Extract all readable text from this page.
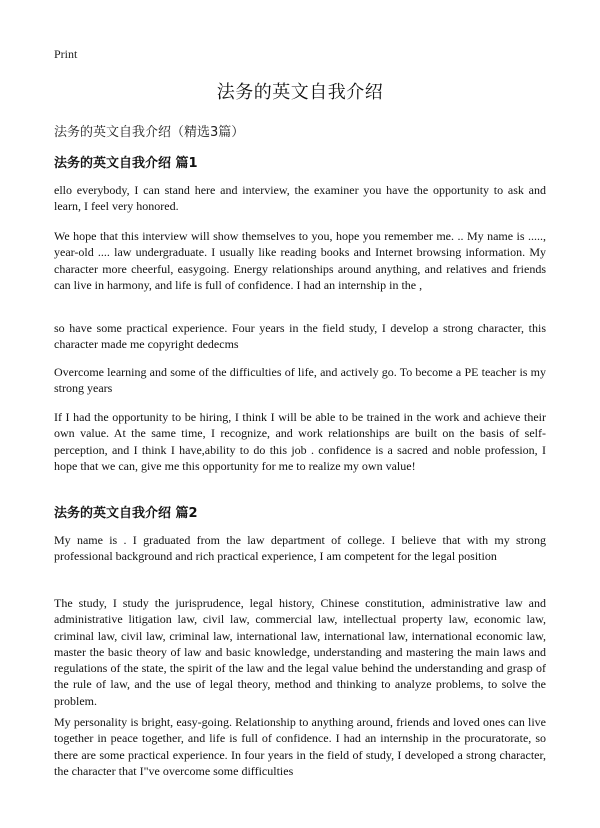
Print
法务的英文自我介绍
法务的英文自我介绍（精选3篇）
法务的英文自我介绍 篇1

ello everybody, I can stand here and interview, the examiner you have the opportunity to ask and learn, I feel very honored.

We hope that this interview will show themselves to you, hope you remember me. .. My name is ....., year-old .... law undergraduate. I usually like reading books and Internet browsing information. My character more cheerful, easygoing. Energy relationships around anything, and relatives and friends can live in harmony, and life is full of confidence. I had an internship in the ,

so have some practical experience. Four years in the field study, I develop a strong character, this character made me copyright dedecms

Overcome learning and some of the difficulties of life, and actively go. To become a PE teacher is my strong years

If I had the opportunity to be hiring, I think I will be able to be trained in the work and achieve their own value. At the same time, I recognize, and work relationships are built on the basis of self-perception, and I think I have,ability to do this job . confidence is a sacred and noble profession, I hope that we can, give me this opportunity for me to realize my own value!

法务的英文自我介绍 篇2

My name is . I graduated from the law department of college. I believe that with my strong professional background and rich practical experience, I am competent for the legal position

The study, I study the jurisprudence, legal history, Chinese constitution, administrative law and administrative litigation law, civil law, commercial law, intellectual property law, economic law, criminal law, civil law, criminal law, international law, international law, international economic law, master the basic theory of law and basic knowledge, understanding and mastering the main laws and regulations of the state, the spirit of the law and the legal value behind the understanding and grasp of the rule of law, and the use of legal theory, method and thinking to analyze problems, to solve the problem.

My personality is bright, easy-going. Relationship to anything around, friends and loved ones can live together in peace together, and life is full of confidence. I had an internship in the procuratorate, so there are some practical experience. In four years in the field of study, I developed a strong character, the character that I"ve overcome some difficulties
